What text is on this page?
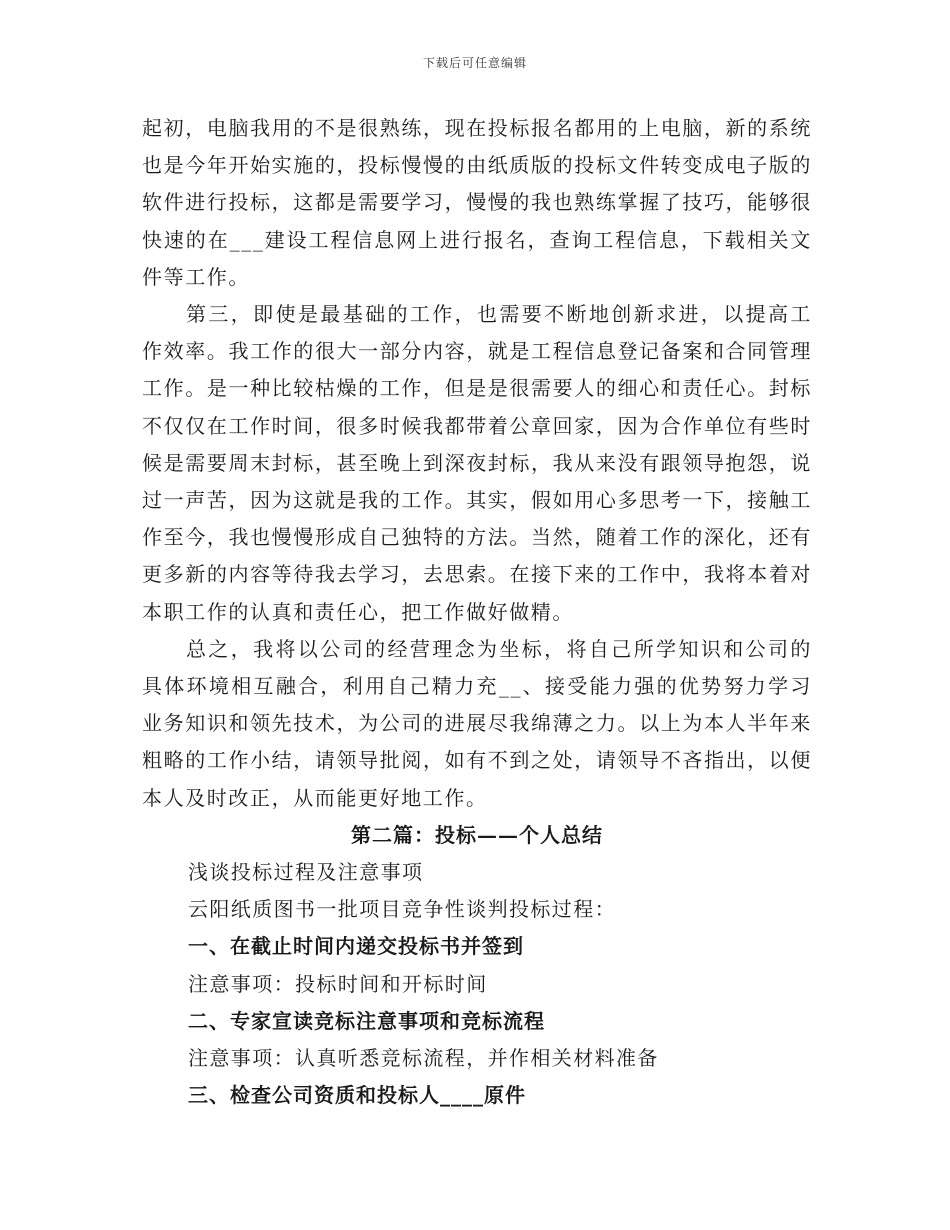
下载后可任意编辑

起初，电脑我用的不是很熟练，现在投标报名都用的上电脑，新的系统也是今年开始实施的，投标慢慢的由纸质版的投标文件转变成电子版的软件进行投标，这都是需要学习，慢慢的我也熟练掌握了技巧，能够很快速的在___建设工程信息网上进行报名，查询工程信息，下载相关文件等工作。

第三，即使是最基础的工作，也需要不断地创新求进，以提高工作效率。我工作的很大一部分内容，就是工程信息登记备案和合同管理工作。是一种比较枯燥的工作，但是是很需要人的细心和责任心。封标不仅仅在工作时间，很多时候我都带着公章回家，因为合作单位有些时候是需要周末封标，甚至晚上到深夜封标，我从来没有跟领导抱怨，说过一声苦，因为这就是我的工作。其实，假如用心多思考一下，接触工作至今，我也慢慢形成自己独特的方法。当然，随着工作的深化，还有更多新的内容等待我去学习，去思索。在接下来的工作中，我将本着对本职工作的认真和责任心，把工作做好做精。

总之，我将以公司的经营理念为坐标，将自己所学知识和公司的具体环境相互融合，利用自己精力充__、接受能力强的优势努力学习业务知识和领先技术，为公司的进展尽我绵薄之力。以上为本人半年来粗略的工作小结，请领导批阅，如有不到之处，请领导不吝指出，以便本人及时改正，从而能更好地工作。

第二篇：投标——个人总结

浅谈投标过程及注意事项

云阳纸质图书一批项目竞争性谈判投标过程：

一、在截止时间内递交投标书并签到

注意事项：投标时间和开标时间

二、专家宣读竞标注意事项和竞标流程

注意事项：认真听悉竞标流程，并作相关材料准备

三、检查公司资质和投标人____原件
